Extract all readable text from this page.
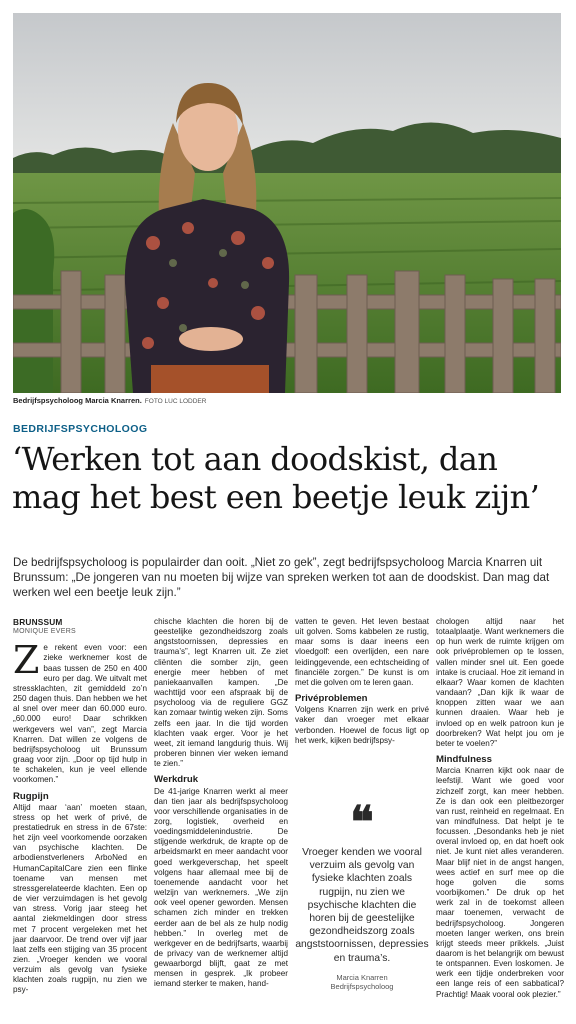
Bedrijfspsycholoog Marcia Knarren. FOTO LUC LODDER
BEDRIJFSPSYCHOLOOG
‘Werken tot aan doodskist, dan
mag het best een beetje leuk zijn’

De bedrijfspsycholoog is populairder dan ooit. „Niet zo gek”, zegt bedrijfspsycholoog Marcia Knarren uit Brunssum: „De jongeren van nu moeten bij wijze van spreken werken tot aan de doodskist. Dan mag dat werken wel een beetje leuk zijn.”

BRUNSSUM
MONIQUE EVERS

Ze rekent even voor: een zieke werknemer kost de baas tussen de 250 en 400 euro per dag. We uitvalt met stressklachten, zit gemiddeld zo’n 250 dagen thuis. Dan hebben we het al snel over meer dan 60.000 euro. „60.000 euro! Daar schrikken werkgevers wel van”, zegt Marcia Knarren. Dat willen ze volgens de bedrijfspsycholoog uit Brunssum graag voor zijn. „Door op tijd hulp in te schakelen, kun je veel ellende voorkomen.”

Rugpijn

Altijd maar ‘aan’ moeten staan, stress op het werk of privé, de prestatiedruk en stress in de 67ste: het zijn veel voorkomende oorzaken van psychische klachten. De arbodienstverleners ArboNed en HumanCapitalCare zien een flinke toename van mensen met stressgerelateerde klachten. Een op de vier verzuimdagen is het gevolg van stress. Vorig jaar steeg het aantal ziekmeldingen door stress met 7 procent vergeleken met het jaar daarvoor. De trend over vijf jaar laat zelfs een stijging van 35 procent zien. „Vroeger kenden we vooral verzuim als gevolg van fysieke klachten zoals rugpijn, nu zien we psy-

chische klachten die horen bij de geestelijke gezondheidszorg zoals angststoornissen, depressies en trauma’s”, legt Knarren uit. Ze ziet cliënten die somber zijn, geen energie meer hebben of met paniekaanvallen kampen. „De wachttijd voor een afspraak bij de psycholoog via de reguliere GGZ kan zomaar twintig weken zijn. Soms zelfs een jaar. In die tijd worden klachten vaak erger. Voor je het weet, zit iemand langdurig thuis. Wij proberen binnen vier weken iemand te zien.”

Werkdruk

De 41-jarige Knarren werkt al meer dan tien jaar als bedrijfspsycholoog voor verschillende organisaties in de zorg, logistiek, overheid en voedingsmiddelenindustrie. De stijgende werkdruk, de krapte op de arbeidsmarkt en meer aandacht voor goed werkgeverschap, het speelt volgens haar allemaal mee bij de toenemende aandacht voor het welzijn van werknemers. „We zijn ook veel opener geworden. Mensen schamen zich minder en trekken eerder aan de bel als ze hulp nodig hebben.” In overleg met de werkgever en de bedrijfsarts, waarbij de privacy van de werknemer altijd gewaarborgd blijft, gaat ze met mensen in gesprek. „Ik probeer iemand sterker te maken, hand-

vatten te geven. Het leven bestaat uit golven. Soms kabbelen ze rustig, maar soms is daar ineens een vloedgolf: een overlijden, een nare leidinggevende, een echtscheiding of financiële zorgen.” De kunst is om met die golven om te leren gaan.

Privéproblemen

Volgens Knarren zijn werk en privé vaker dan vroeger met elkaar verbonden. Hoewel de focus ligt op het werk, kijken bedrijfspsy-

❝
Vroeger kenden we vooral verzuim als gevolg van fysieke klachten zoals rugpijn, nu zien we psychische klachten die horen bij de geestelijke gezondheidszorg zoals angststoornissen, depressies en trauma’s.
Marcia Knarren
Bedrijfspsycholoog

chologen altijd naar het totaalplaatje. Want werknemers die op hun werk de ruimte krijgen om ook privéproblemen op te lossen, vallen minder snel uit. Een goede intake is cruciaal. Hoe zit iemand in elkaar? Waar komen de klachten vandaan? „Dan kijk ik waar de knoppen zitten waar we aan kunnen draaien. Waar heb je invloed op en welk patroon kun je doorbreken? Wat helpt jou om je beter te voelen?”

Mindfulness

Marcia Knarren kijkt ook naar de leefstijl. Want wie goed voor zichzelf zorgt, kan meer hebben. Ze is dan ook een pleitbezorger van rust, reinheid en regelmaat. En van mindfulness. Dat helpt je te focussen. „Desondanks heb je niet overal invloed op, en dat hoeft ook niet. Je kunt niet alles veranderen. Maar blijf niet in de angst hangen, wees actief en surf mee op die hoge golven die soms voorbijkomen.” De druk op het werk zal in de toekomst alleen maar toenemen, verwacht de bedrijfspsycholoog. Jongeren moeten langer werken, ons brein krijgt steeds meer prikkels. „Juist daarom is het belangrijk om bewust te ontspannen. Even loskomen. Je werk een tijdje onderbreken voor een lange reis of een sabbatical? Prachtig! Maak vooral ook plezier.”
